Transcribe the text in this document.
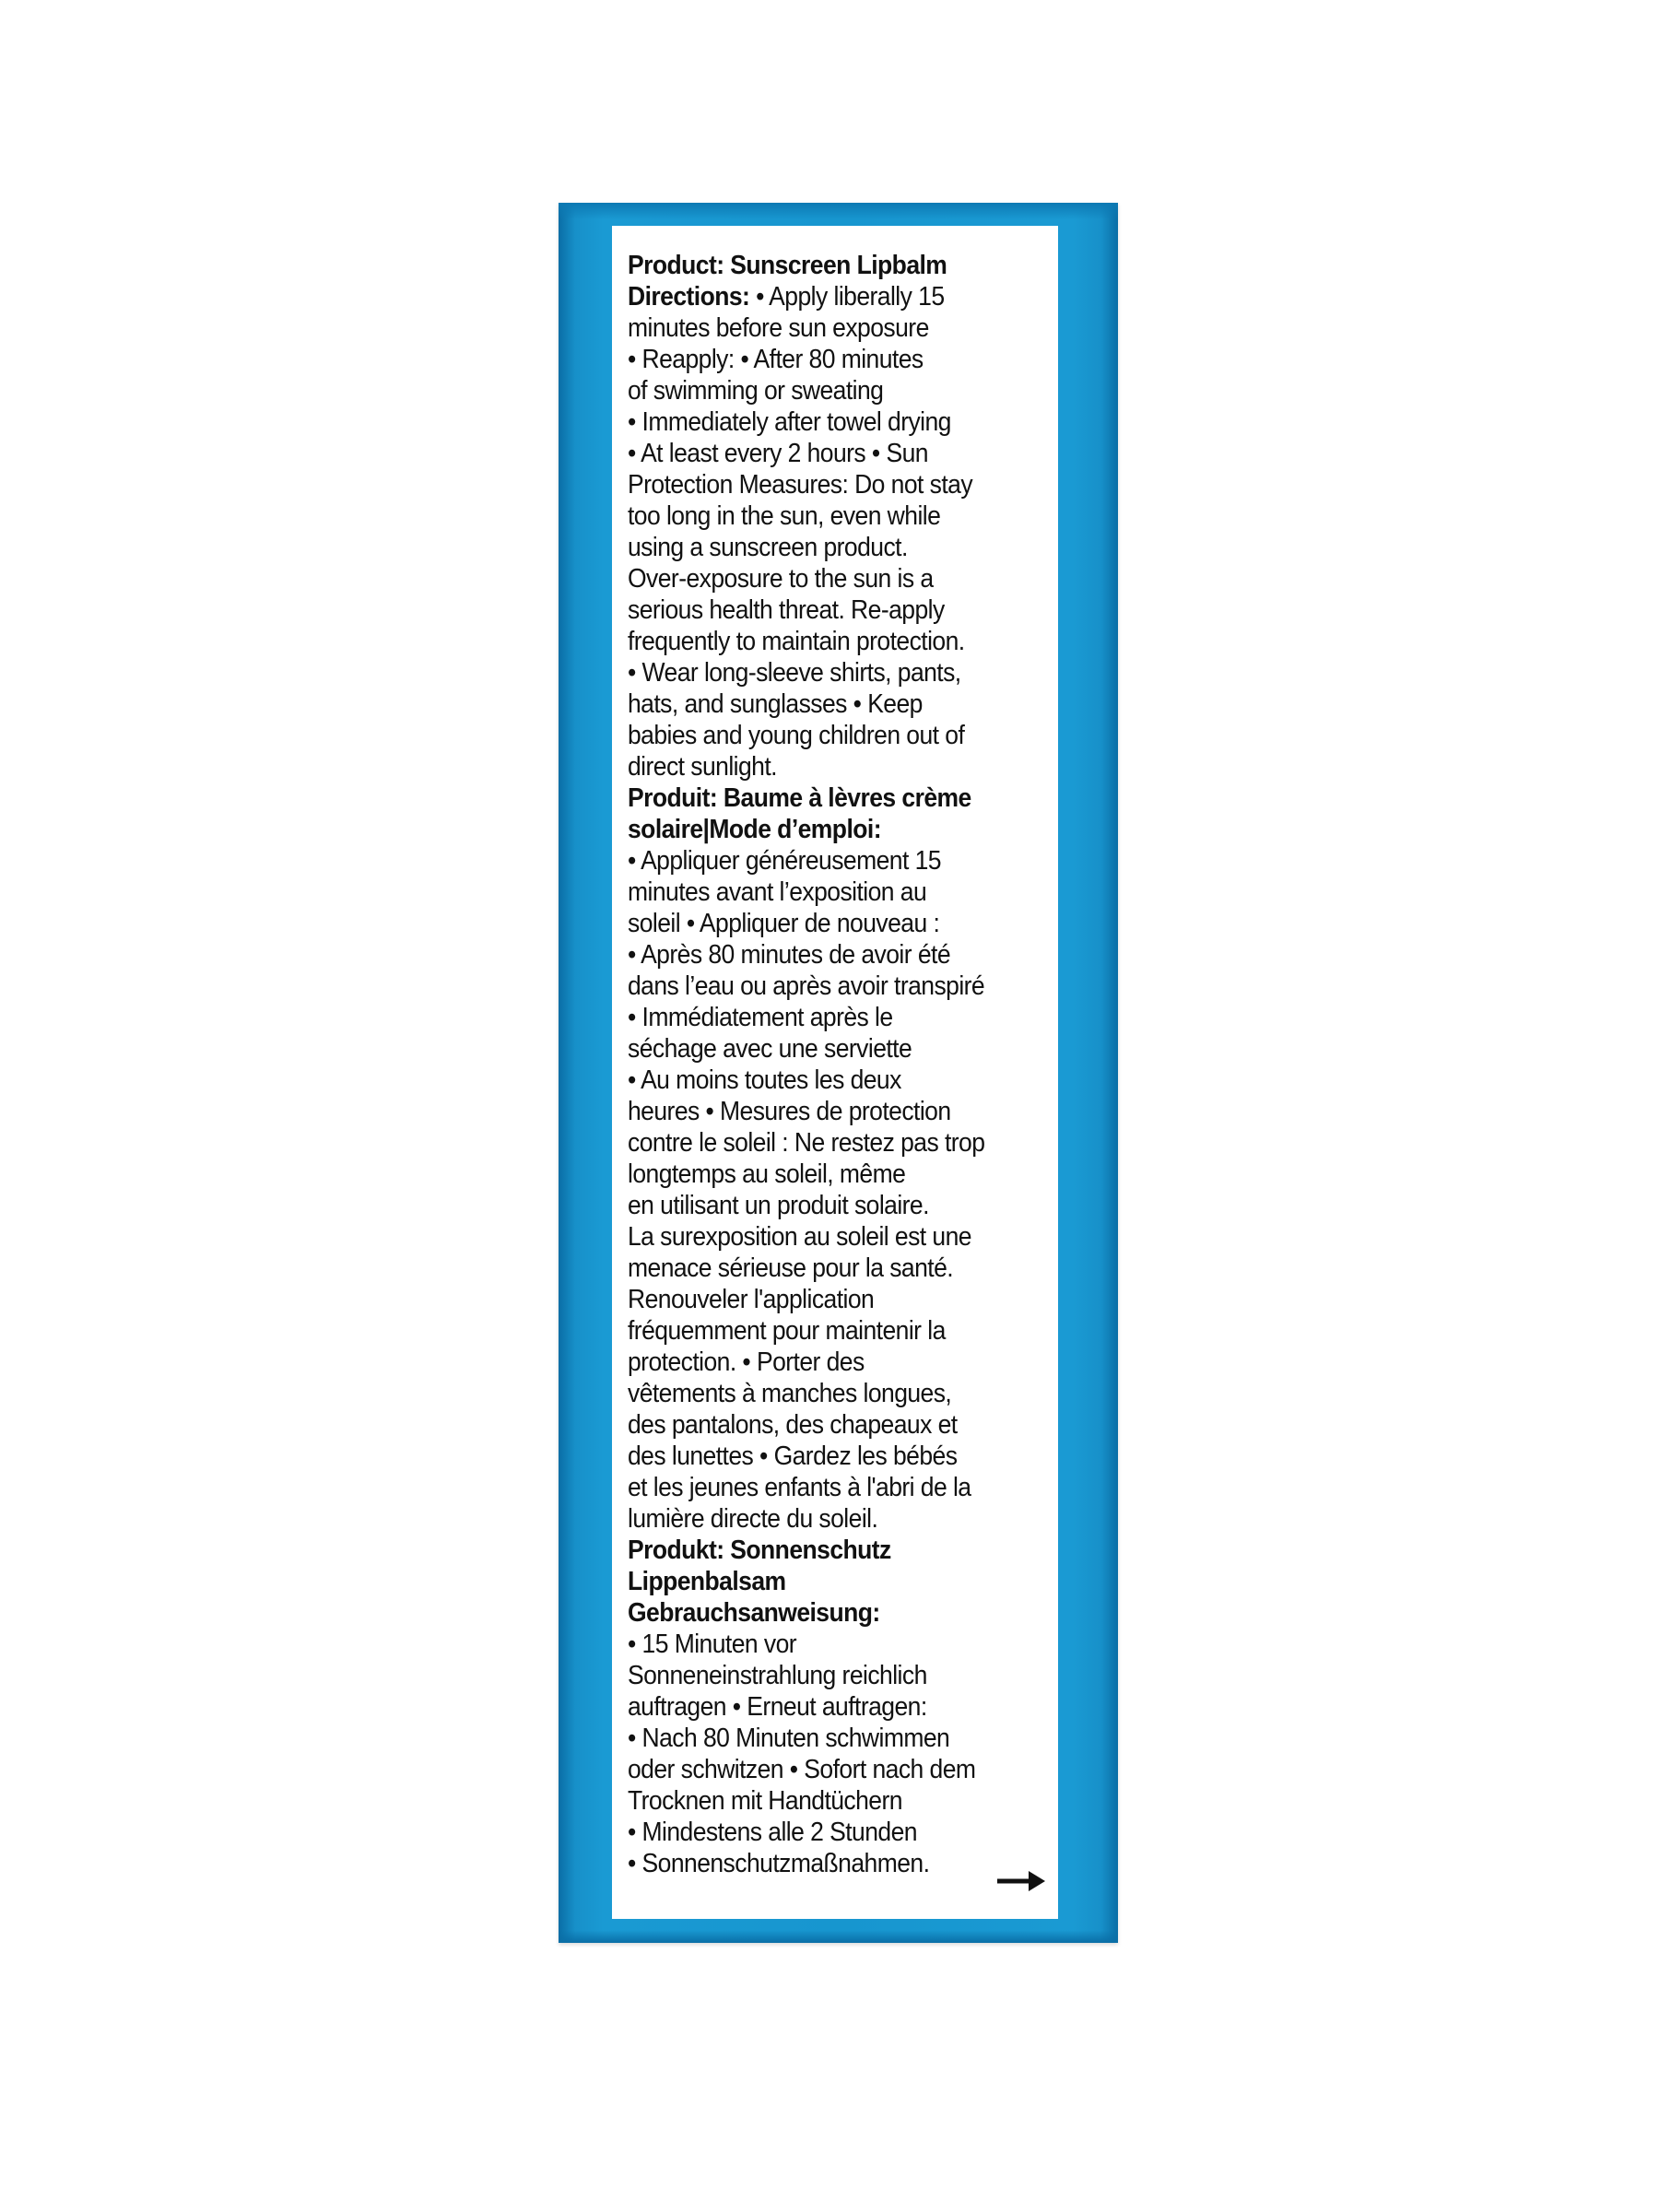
Product: Sunscreen Lipbalm
Directions: • Apply liberally 15
minutes before sun exposure
• Reapply: • After 80 minutes
of swimming or sweating
• Immediately after towel drying
• At least every 2 hours • Sun
Protection Measures: Do not stay
too long in the sun, even while
using a sunscreen product.
Over-exposure to the sun is a
serious health threat. Re-apply
frequently to maintain protection.
• Wear long-sleeve shirts, pants,
hats, and sunglasses • Keep
babies and young children out of
direct sunlight.
Produit: Baume à lèvres crème
solaire|Mode d’emploi:
• Appliquer généreusement 15
minutes avant l’exposition au
soleil • Appliquer de nouveau :
• Après 80 minutes de avoir été
dans l’eau ou après avoir transpiré
• Immédiatement après le
séchage avec une serviette
• Au moins toutes les deux
heures • Mesures de protection
contre le soleil : Ne restez pas trop
longtemps au soleil, même
en utilisant un produit solaire.
La surexposition au soleil est une
menace sérieuse pour la santé.
Renouveler l'application
fréquemment pour maintenir la
protection. • Porter des
vêtements à manches longues,
des pantalons, des chapeaux et
des lunettes • Gardez les bébés
et les jeunes enfants à l'abri de la
lumière directe du soleil.
Produkt: Sonnenschutz
Lippenbalsam
Gebrauchsanweisung:
• 15 Minuten vor
Sonneneinstrahlung reichlich
auftragen • Erneut auftragen:
• Nach 80 Minuten schwimmen
oder schwitzen • Sofort nach dem
Trocknen mit Handtüchern
• Mindestens alle 2 Stunden
• Sonnenschutzmaßnahmen.
